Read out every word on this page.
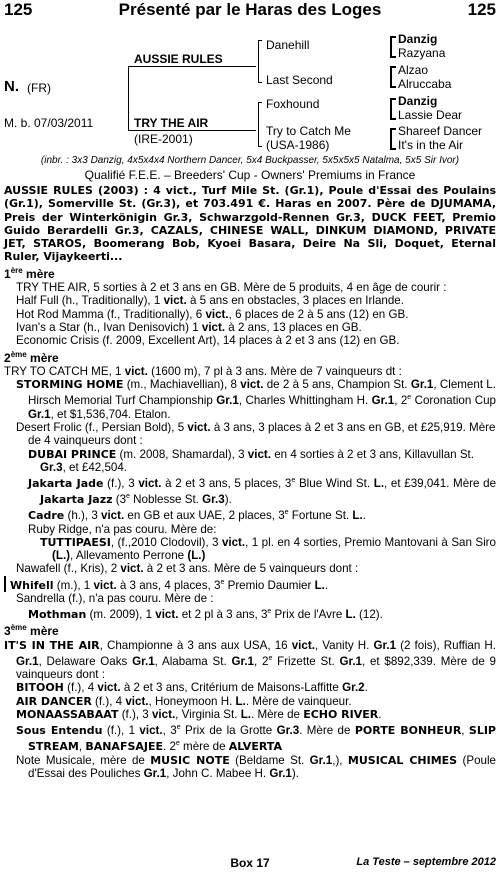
125	Présenté par le Haras des Loges	125
N. (FR)
M. b. 07/03/2011
AUSSIE RULES
TRY THE AIR
(IRE-2001)
Danehill
Last Second
Foxhound
Try to Catch Me
(USA-1986)
Danzig
Razyana
Alzao
Alruccaba
Danzig
Lassie Dear
Shareef Dancer
It's in the Air
(inbr. : 3x3 Danzig, 4x5x4x4 Northern Dancer, 5x4 Buckpasser, 5x5x5x5 Natalma, 5x5 Sir Ivor)
Qualifié F.E.E. – Breeders' Cup - Owners' Premiums in France

AUSSIE RULES (2003) : 4 vict., Turf Mile St. (Gr.1), Poule d'Essai des Poulains (Gr.1), Somerville St. (Gr.3), et 703.491 €. Haras en 2007. Père de DJUMAMA, Preis der Winterkönigin Gr.3, Schwarzgold-Rennen Gr.3, DUCK FEET, Premio Guido Berardelli Gr.3, CAZALS, CHINESE WALL, DINKUM DIAMOND, PRIVATE JET, STAROS, Boomerang Bob, Kyoei Basara, Deire Na Sli, Doquet, Eternal Ruler, Vijaykeerti...

1ère mère

TRY THE AIR, 5 sorties à 2 et 3 ans en GB. Mère de 5 produits, 4 en âge de courir :

Half Full (h., Traditionally), 1 vict. à 5 ans en obstacles, 3 places en Irlande.

Hot Rod Mamma (f., Traditionally), 6 vict., 6 places de 2 à 5 ans (12) en GB.

Ivan's a Star (h., Ivan Denisovich) 1 vict. à 2 ans, 13 places en GB.

Economic Crisis (f. 2009, Excellent Art), 14 places à 2 et 3 ans (12) en GB.

2ème mère

TRY TO CATCH ME, 1 vict. (1600 m), 7 pl à 3 ans. Mère de 7 vainqueurs dt :

STORMING HOME (m., Machiavellian), 8 vict. de 2 à 5 ans, Champion St. Gr.1, Clement L. Hirsch Memorial Turf Championship Gr.1, Charles Whittingham H. Gr.1, 2e Coronation Cup Gr.1, et $1,536,704. Etalon.

Desert Frolic (f., Persian Bold), 5 vict. à 3 ans, 3 places à 2 et 3 ans en GB, et £25,919. Mère de 4 vainqueurs dont :

DUBAI PRINCE (m. 2008, Shamardal), 3 vict. en 4 sorties à 2 et 3 ans, Killavullan St. Gr.3, et £42,504.

Jakarta Jade (f.), 3 vict. à 2 et 3 ans, 5 places, 3e Blue Wind St. L., et £39,041. Mère de Jakarta Jazz (3e Noblesse St. Gr.3).

Cadre (h.), 3 vict. en GB et aux UAE, 2 places, 3e Fortune St. L..

Ruby Ridge, n'a pas couru. Mère de:

TUTTIPAESI, (f.,2010 Clodovil), 3 vict., 1 pl. en 4 sorties, Premio Mantovani à San Siro (L.), Allevamento Perrone (L.)

Nawafell (f., Kris), 2 vict. à 2 et 3 ans. Mère de 5 vainqueurs dont :

Whifell (m.), 1 vict. à 3 ans, 4 places, 3e Premio Daumier L..

Sandrella (f.), n'a pas couru. Mère de :

Mothman (m. 2009), 1 vict. et 2 pl à 3 ans, 3e Prix de l'Avre L. (12).

3ème mère

IT'S IN THE AIR, Championne à 3 ans aux USA, 16 vict., Vanity H. Gr.1 (2 fois), Ruffian H. Gr.1, Delaware Oaks Gr.1, Alabama St. Gr.1, 2e Frizette St. Gr.1, et $892,339. Mère de 9 vainqueurs dont :

BITOOH (f.), 4 vict. à 2 et 3 ans, Critérium de Maisons-Laffitte Gr.2.

AIR DANCER (f.), 4 vict., Honeymoon H. L.. Mère de vainqueur.

MONAASSABAAT (f.), 3 vict., Virginia St. L.. Mère de ECHO RIVER.

Sous Entendu (f.), 1 vict., 3e Prix de la Grotte Gr.3. Mère de PORTE BONHEUR, SLIP STREAM, BANAFSAJEE. 2e mère de ALVERTA

Note Musicale, mère de MUSIC NOTE (Beldame St. Gr.1,), MUSICAL CHIMES (Poule d'Essai des Pouliches Gr.1, John C. Mabee H. Gr.1).

Box 17	La Teste – septembre 2012
